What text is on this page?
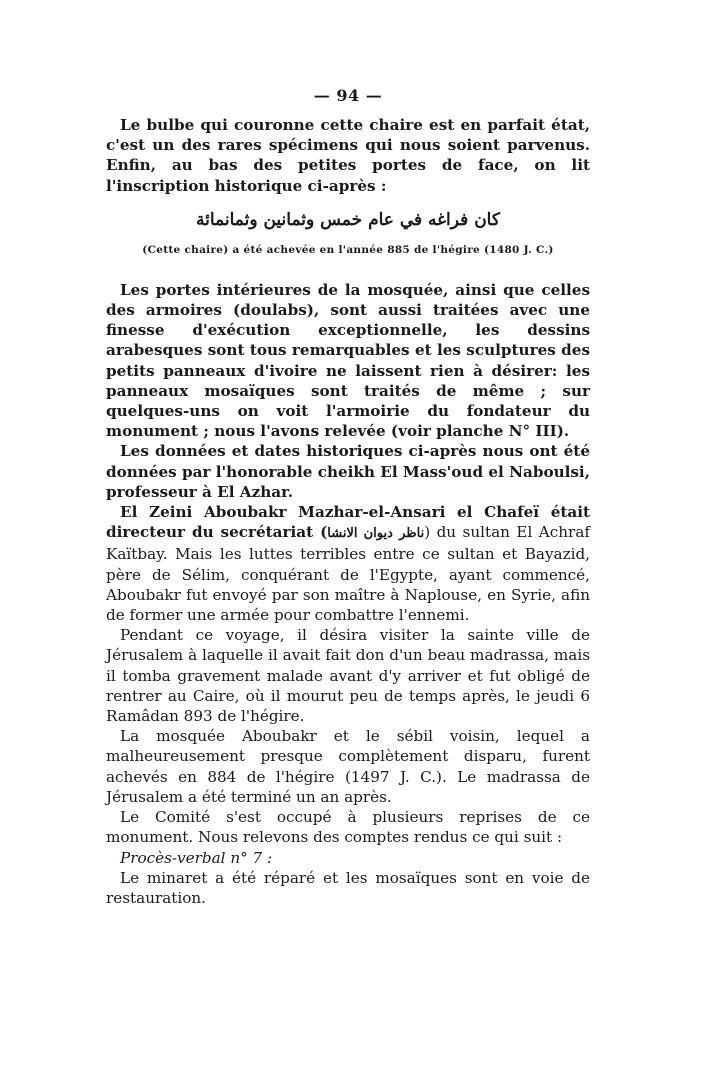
— 94 —

Le bulbe qui couronne cette chaire est en parfait état, c'est un des rares spécimens qui nous soient parvenus. Enfin, au bas des petites portes de face, on lit l'inscription historique ci-après :

كان فراغه في عام خمس وثمانين وثمانمائة
(Cette chaire) a été achevée en l'année 885 de l'hégire (1480 J. C.)

Les portes intérieures de la mosquée, ainsi que celles des armoires (doulabs), sont aussi traitées avec une finesse d'exécution exceptionnelle, les dessins arabesques sont tous remarquables et les sculptures des petits panneaux d'ivoire ne laissent rien à désirer: les panneaux mosaïques sont traités de même ; sur quelques-uns on voit l'armoirie du fondateur du monument ; nous l'avons relevée (voir planche N° III).

Les données et dates historiques ci-après nous ont été données par l'honorable cheikh El Mass'oud el Naboulsi, professeur à El Azhar.

El Zeini Aboubakr Mazhar-el-Ansari el Chafeï était directeur du secrétariat (ناظر ديوان الانشا) du sultan El Achraf Kaïtbay. Mais les luttes terribles entre ce sultan et Bayazid, père de Sélim, conquérant de l'Egypte, ayant commencé, Aboubakr fut envoyé par son maître à Naplouse, en Syrie, afin de former une armée pour combattre l'ennemi.

Pendant ce voyage, il désira visiter la sainte ville de Jérusalem à laquelle il avait fait don d'un beau madrassa, mais il tomba gravement malade avant d'y arriver et fut obligé de rentrer au Caire, où il mourut peu de temps après, le jeudi 6 Ramâdan 893 de l'hégire.

La mosquée Aboubakr et le sébil voisin, lequel a malheureusement presque complètement disparu, furent achevés en 884 de l'hégire (1497 J. C.). Le madrassa de Jérusalem a été terminé un an après.

Le Comité s'est occupé à plusieurs reprises de ce monument. Nous relevons des comptes rendus ce qui suit :

Procès-verbal n° 7 :

Le minaret a été réparé et les mosaïques sont en voie de restauration.
